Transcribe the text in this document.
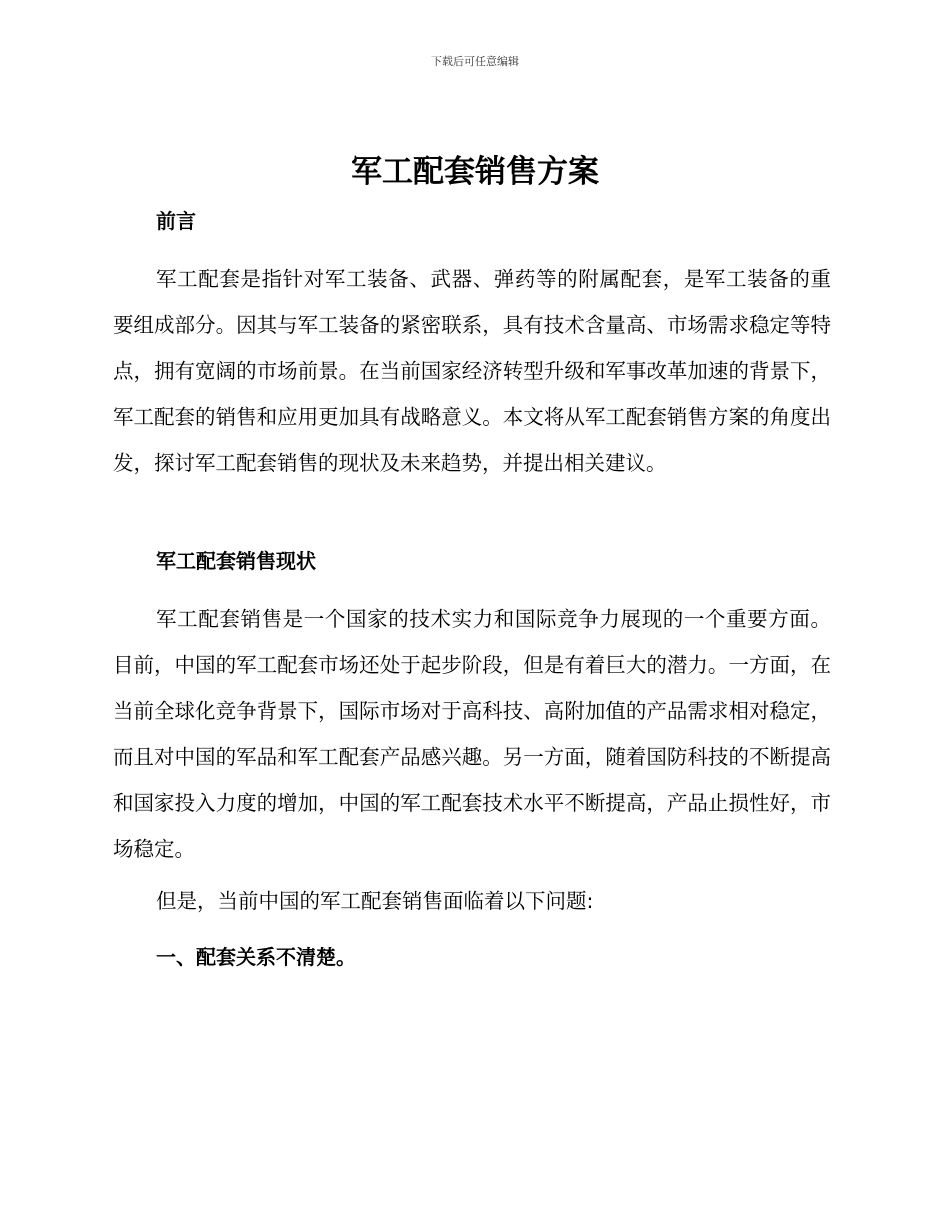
下载后可任意编辑
军工配套销售方案
前言

军工配套是指针对军工装备、武器、弹药等的附属配套，是军工装备的重要组成部分。因其与军工装备的紧密联系，具有技术含量高、市场需求稳定等特点，拥有宽阔的市场前景。在当前国家经济转型升级和军事改革加速的背景下，军工配套的销售和应用更加具有战略意义。本文将从军工配套销售方案的角度出发，探讨军工配套销售的现状及未来趋势，并提出相关建议。

军工配套销售现状

军工配套销售是一个国家的技术实力和国际竞争力展现的一个重要方面。目前，中国的军工配套市场还处于起步阶段，但是有着巨大的潜力。一方面，在当前全球化竞争背景下，国际市场对于高科技、高附加值的产品需求相对稳定，而且对中国的军品和军工配套产品感兴趣。另一方面，随着国防科技的不断提高和国家投入力度的增加，中国的军工配套技术水平不断提高，产品止损性好，市场稳定。

但是，当前中国的军工配套销售面临着以下问题:

一、配套关系不清楚。
